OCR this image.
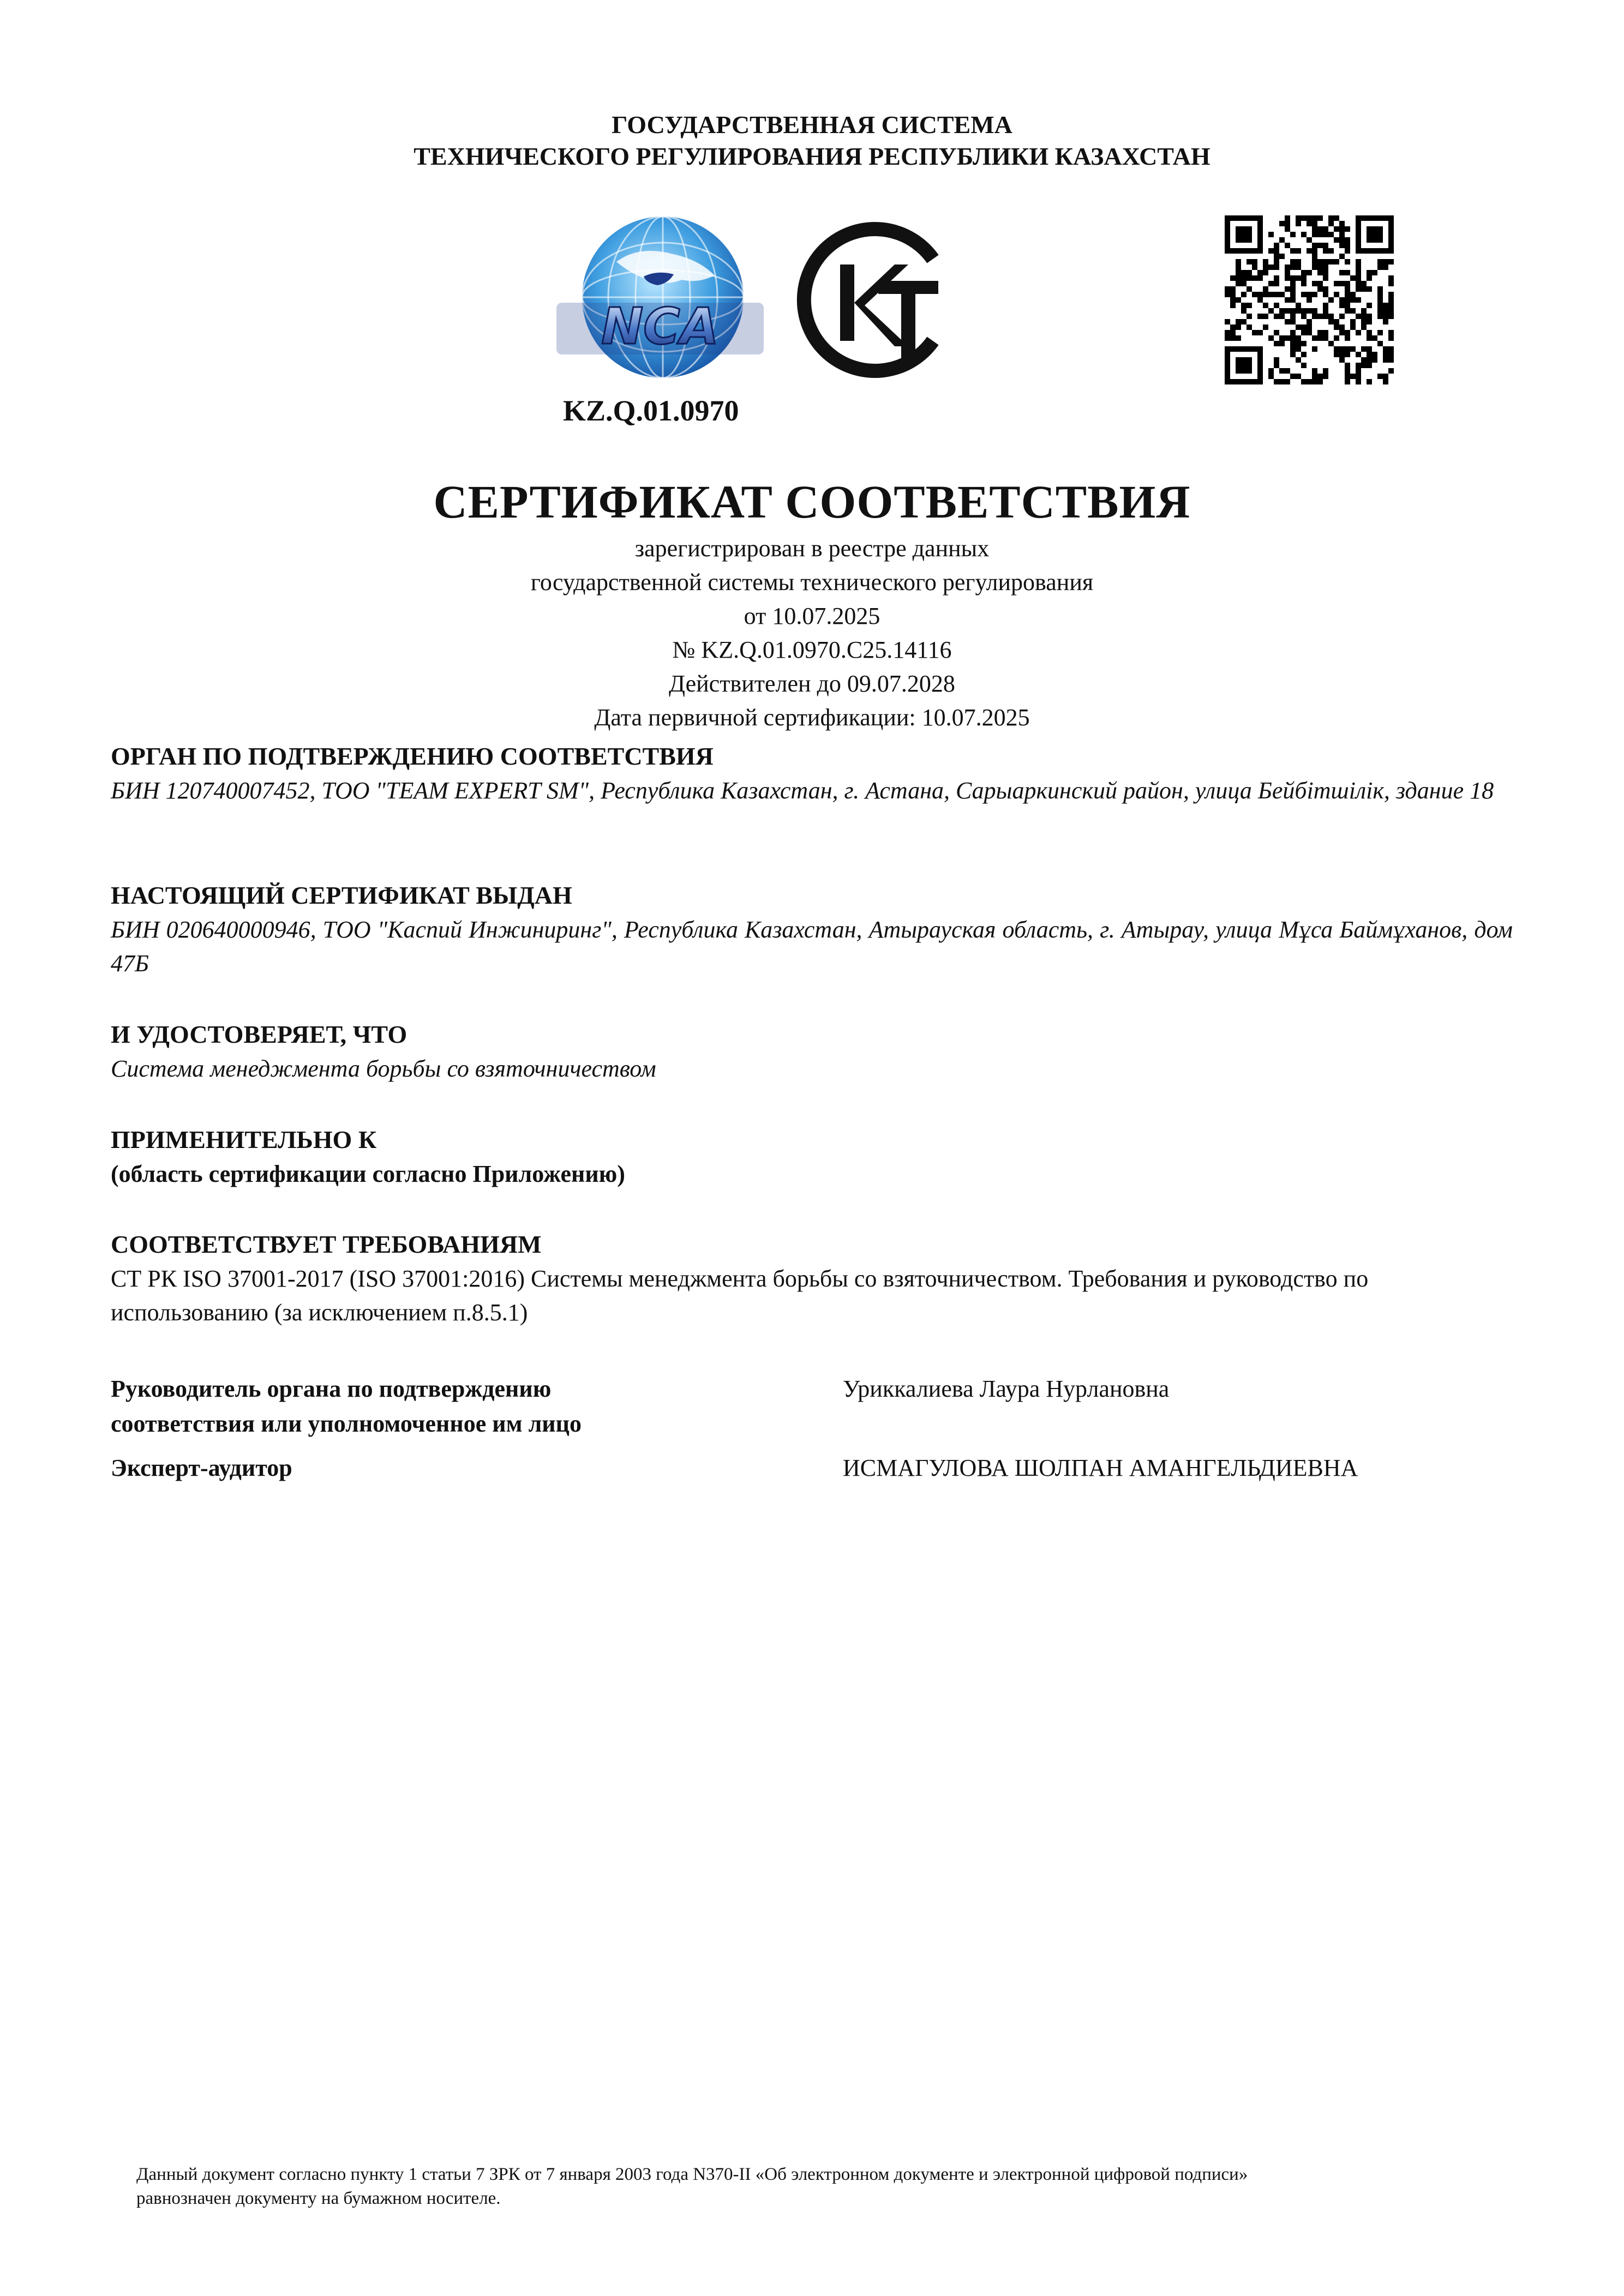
ГОСУДАРСТВЕННАЯ СИСТЕМА
ТЕХНИЧЕСКОГО РЕГУЛИРОВАНИЯ РЕСПУБЛИКИ КАЗАХСТАН
NCA
KZ.Q.01.0970
СЕРТИФИКАТ СООТВЕТСТВИЯ
зарегистрирован в реестре данных
государственной системы технического регулирования
от 10.07.2025
№ KZ.Q.01.0970.C25.14116
Действителен до 09.07.2028
Дата первичной сертификации: 10.07.2025

ОРГАН ПО ПОДТВЕРЖДЕНИЮ СООТВЕТСТВИЯ

БИН 120740007452, ТОО "TEAM EXPERT SM", Республика Казахстан, г. Астана, Сарыаркинский район, улица Бейбітшілік, здание 18

НАСТОЯЩИЙ СЕРТИФИКАТ ВЫДАН

БИН 020640000946, ТОО "Каспий Инжиниринг", Республика Казахстан, Атырауская область, г. Атырау, улица Мұса Баймұханов, дом 47Б

И УДОСТОВЕРЯЕТ, ЧТО

Система менеджмента борьбы со взяточничеством

ПРИМЕНИТЕЛЬНО К

(область сертификации согласно Приложению)

СООТВЕТСТВУЕТ ТРЕБОВАНИЯМ

СТ РК ISO 37001-2017 (ISO 37001:2016) Системы менеджмента борьбы со взяточничеством. Требования и руководство по использованию (за исключением п.8.5.1)

Руководитель органа по подтверждению
соответствия или уполномоченное им лицо
Уриккалиева Лаура Нурлановна
Эксперт-аудитор	ИСМАГУЛОВА ШОЛПАН АМАНГЕЛЬДИЕВНА
Данный документ согласно пункту 1 статьи 7 ЗРК от 7 января 2003 года N370-II «Об электронном документе и электронной цифровой подписи»
равнозначен документу на бумажном носителе.
